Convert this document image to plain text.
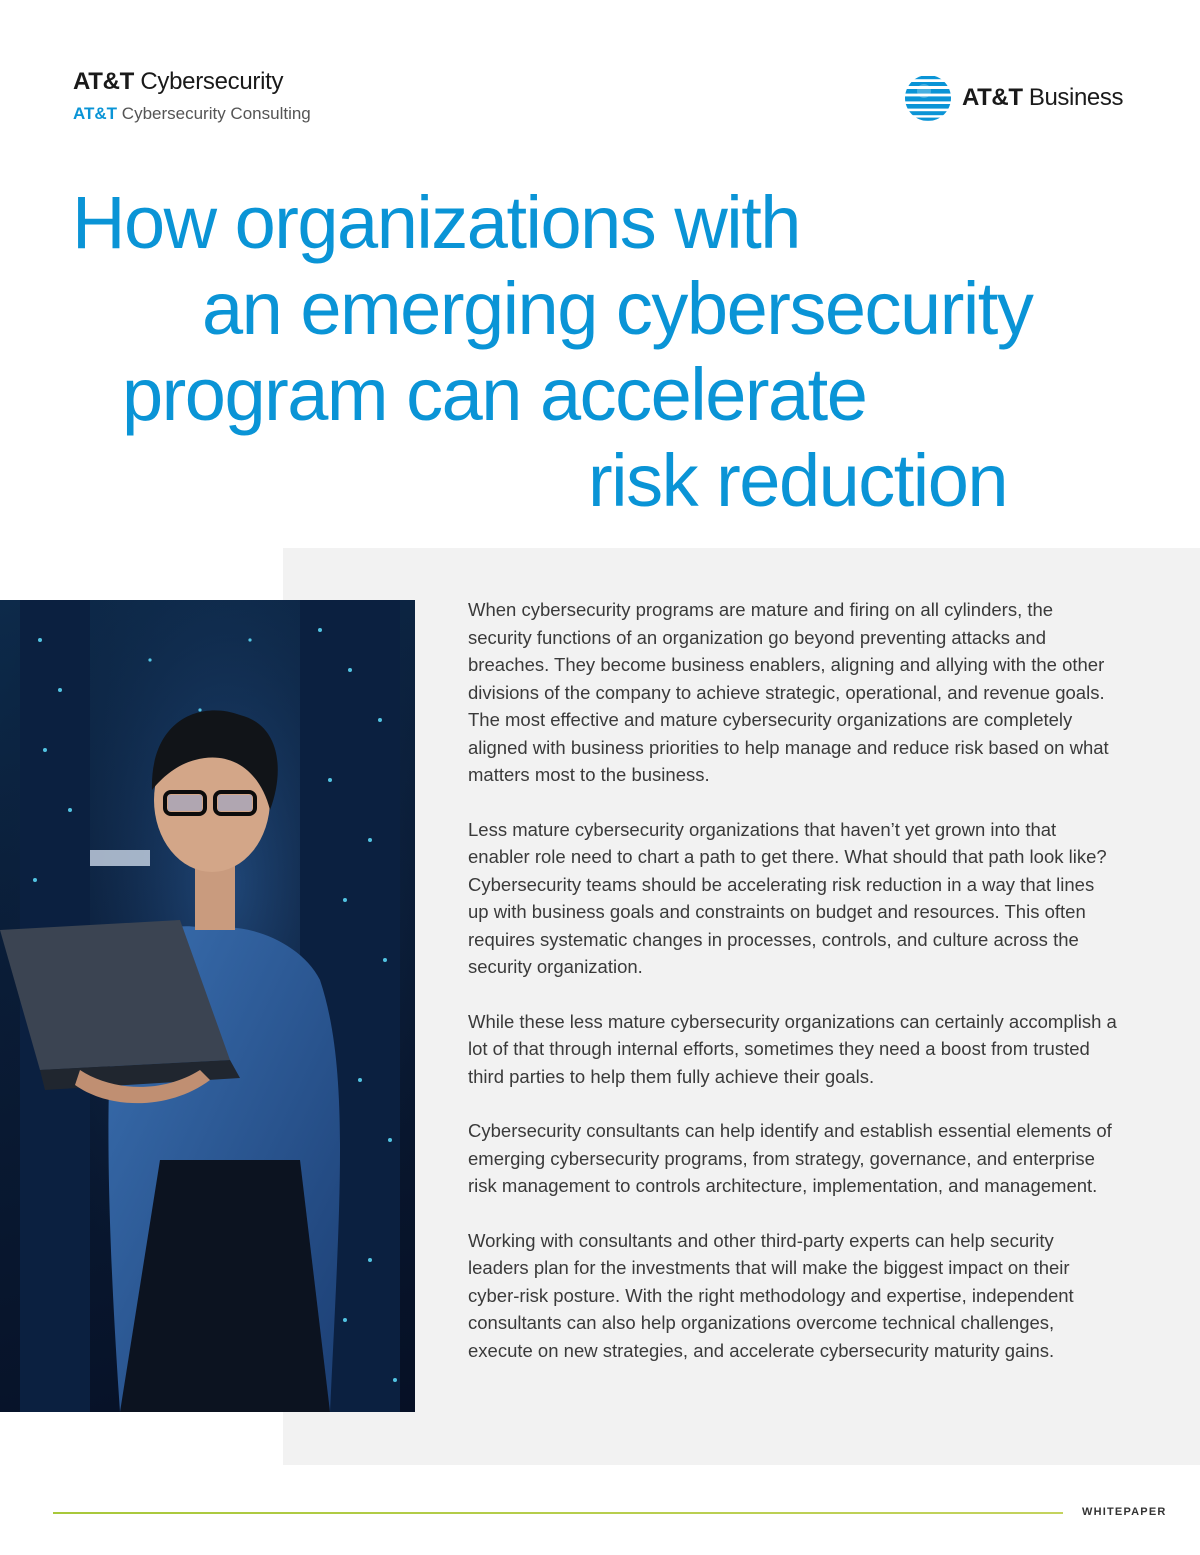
AT&T Cybersecurity
AT&T Cybersecurity Consulting
AT&T Business
How organizations with
an emerging cybersecurity
program can accelerate
risk reduction

When cybersecurity programs are mature and firing on all cylinders, the security functions of an organization go beyond preventing attacks and breaches. They become business enablers, aligning and allying with the other divisions of the company to achieve strategic, operational, and revenue goals. The most effective and mature cybersecurity organizations are completely aligned with business priorities to help manage and reduce risk based on what matters most to the business.

Less mature cybersecurity organizations that haven’t yet grown into that enabler role need to chart a path to get there. What should that path look like? Cybersecurity teams should be accelerating risk reduction in a way that lines up with business goals and constraints on budget and resources. This often requires systematic changes in processes, controls, and culture across the security organization.

While these less mature cybersecurity organizations can certainly accomplish a lot of that through internal efforts, sometimes they need a boost from trusted third parties to help them fully achieve their goals.

Cybersecurity consultants can help identify and establish essential elements of emerging cybersecurity programs, from strategy, governance, and enterprise risk management to controls architecture, implementation, and management.

Working with consultants and other third-party experts can help security leaders plan for the investments that will make the biggest impact on their cyber-risk posture. With the right methodology and expertise, independent consultants can also help organizations overcome technical challenges, execute on new strategies, and accelerate cybersecurity maturity gains.

WHITEPAPER
